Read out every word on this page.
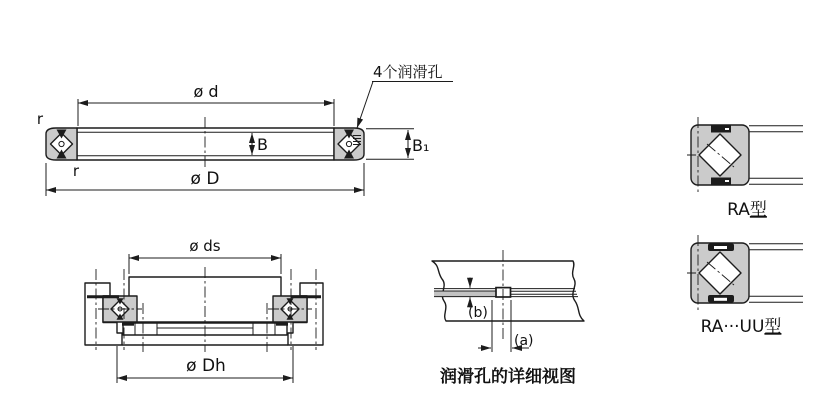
ø d
ø D
B	B₁
r
r
4个润滑孔
ø ds
ø Dh
(b)
(a)
润滑孔的详细视图
RA型
RA···UU型
